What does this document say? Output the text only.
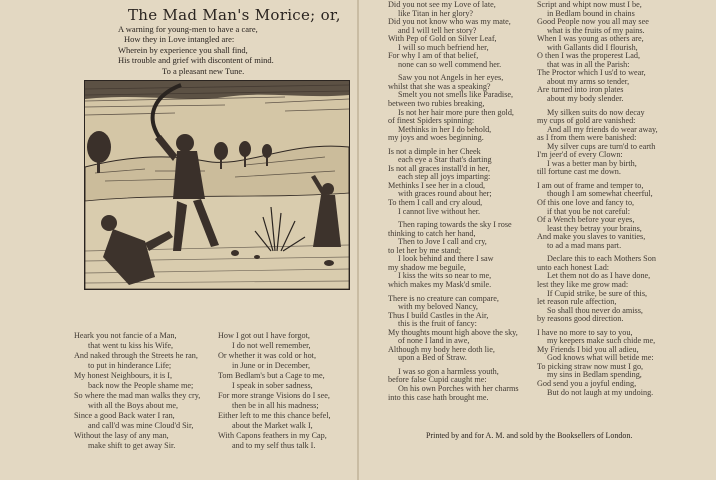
The Mad Man's Morice; or,
A warning for young-men to have a care,
How they in Love intangled are:
Wherein by experience you shall find,
His trouble and grief with discontent of mind.
To a pleasant new Tune.
Heark you not fancie of a Man,
that went tu kiss his Wife,
And naked through the Streets he ran,
to put in hinderance Life;
My honest Neighbours, it is I,
back now the People shame me;
So where the mad man walks they cry,
with all the Boys about me,
Since a good Back water I ran,
and call'd was mine Cloud'd Sir,
Without the lasy of any man,
make shift to get away Sir.
How I got out I have forgot,
I do not well remember,
Or whether it was cold or hot,
in June or in December,
Tom Bedlam's but a Cage to me,
I speak in sober sadness,
For more strange Visions do I see,
then be in all his madness;
Either left to me this chance befel,
about the Market walk I,
With Capons feathers in my Cap,
and to my self thus talk I.
Did you not see my Love of late,
like Titan in her glory?
Did you not know who was my mate,
and I will tell her story?
With Pep of Gold on Silver Leaf,
I will so much befriend her,
For why I am of that belief,
none can so well commend her.
Saw you not Angels in her eyes,
whilst that she was a speaking?
Smelt you not smells like Paradise,
between two rubies breaking,
Is not her hair more pure then gold,
of finest Spiders spinning:
Methinks in her I do behold,
my joys and woes beginning.
Is not a dimple in her Cheek
each eye a Star that's darting
Is not all graces install'd in her,
each step all joys imparting:
Methinks I see her in a cloud,
with graces round about her;
To them I call and cry aloud,
I cannot live without her.
Then raping towards the sky I rose
thinking to catch her hand,
Then to Jove I call and cry,
to let her by me stand;
I look behind and there I saw
my shadow me beguile,
I kiss the wits so near to me,
which makes my Mask'd smile.
There is no creature can compare,
with my beloved Nancy,
Thus I build Castles in the Air,
this is the fruit of fancy:
My thoughts mount high above the sky,
of none I land in awe,
Although my body here doth lie,
upon a Bed of Straw.
I was so gon a harmless youth,
before false Cupid caught me:
On his own Porches with her charms
into this case hath brought me.
Script and whipt now must I be,
in Bedlam bound in chains
Good People now you all may see
what is the fruits of my pains.
When I was young as others are,
with Gallants did I flourish,
O then I was the properest Lad,
that was in all the Parish:
The Proctor which I us'd to wear,
about my arms so tender,
Are turned into iron plates
about my body slender.
My silken suits do now decay
my cups of gold are vanished:
And all my friends do wear away,
as I from them were banished:
My silver cups are turn'd to earth
I'm jeer'd of every Clown:
I was a better man by birth,
till fortune cast me down.
I am out of frame and temper to,
though I am somewhat cheerful,
Of this one love and fancy to,
if that you be not careful:
Of a Wench before your eyes,
least they betray your brains,
And make you slaves to vanities,
to ad a mad mans part.
Declare this to each Mothers Son
unto each honest Lad:
Let them not do as I have done,
lest they like me grow mad:
If Cupid strike, be sure of this,
let reason rule affection,
So shall thou never do amiss,
by reasons good direction.
I have no more to say to you,
my keepers make such chide me,
My Friends I bid you all adieu,
God knows what will betide me:
To picking straw now must I go,
my sins in Bedlam spending,
God send you a joyful ending,
But do not laugh at my undoing.
Printed by and for A. M. and sold by the Booksellers of London.
